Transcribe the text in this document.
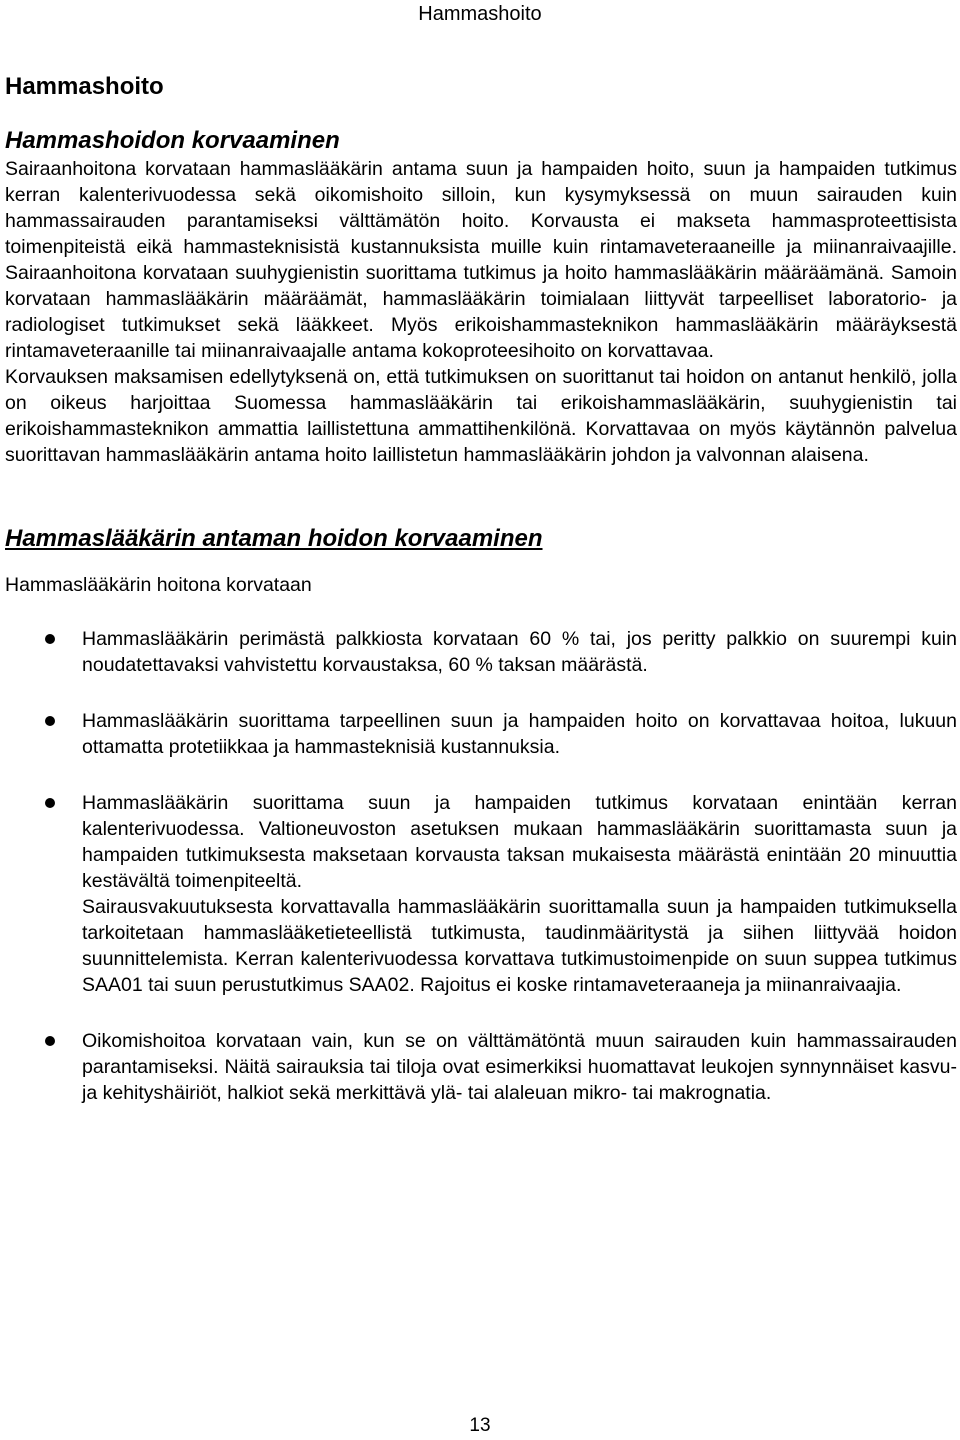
Hammashoito
Hammashoito
Hammashoidon korvaaminen

Sairaanhoitona korvataan hammaslääkärin antama suun ja hampaiden hoito, suun ja hampaiden tutkimus kerran kalenterivuodessa sekä oikomishoito silloin, kun kysymyksessä on muun sairauden kuin hammassairauden parantamiseksi välttämätön hoito. Korvausta ei makseta hammasproteettisista toimenpiteistä eikä hammasteknisistä kustannuksista muille kuin rintamaveteraaneille ja miinanraivaajille. Sairaanhoitona korvataan suuhygienistin suorittama tutkimus ja hoito hammaslääkärin määräämänä. Samoin korvataan hammaslääkärin määräämät, hammaslääkärin toimialaan liittyvät tarpeelliset laboratorio- ja radiologiset tutkimukset sekä lääkkeet. Myös erikoishammasteknikon hammaslääkärin määräyksestä rintamaveteraanille tai miinanraivaajalle antama kokoproteesihoito on korvattavaa.

Korvauksen maksamisen edellytyksenä on, että tutkimuksen on suorittanut tai hoidon on antanut henkilö, jolla on oikeus harjoittaa Suomessa hammaslääkärin tai erikoishammaslääkärin, suuhygienistin tai erikoishammasteknikon ammattia laillistettuna ammattihenkilönä. Korvattavaa on myös käytännön palvelua suorittavan hammaslääkärin antama hoito laillistetun hammaslääkärin johdon ja valvonnan alaisena.

Hammaslääkärin antaman hoidon korvaaminen
Hammaslääkärin hoitona korvataan

Hammaslääkärin perimästä palkkiosta korvataan 60 % tai, jos peritty palkkio on suurempi kuin noudatettavaksi vahvistettu korvaustaksa, 60 % taksan määrästä.

Hammaslääkärin suorittama tarpeellinen suun ja hampaiden hoito on korvattavaa hoitoa, lukuun ottamatta protetiikkaa ja hammasteknisiä kustannuksia.

Hammaslääkärin suorittama suun ja hampaiden tutkimus korvataan enintään kerran kalenterivuodessa. Valtioneuvoston asetuksen mukaan hammaslääkärin suorittamasta suun ja hampaiden tutkimuksesta maksetaan korvausta taksan mukaisesta määrästä enintään 20 minuuttia kestävältä toimenpiteeltä.

Sairausvakuutuksesta korvattavalla hammaslääkärin suorittamalla suun ja hampaiden tutkimuksella tarkoitetaan hammaslääketieteellistä tutkimusta, taudinmääritystä ja siihen liittyvää hoidon suunnittelemista. Kerran kalenterivuodessa korvattava tutkimustoimenpide on suun suppea tutkimus SAA01 tai suun perustutkimus SAA02. Rajoitus ei koske rintamaveteraaneja ja miinanraivaajia.

Oikomishoitoa korvataan vain, kun se on välttämätöntä muun sairauden kuin hammassairauden parantamiseksi. Näitä sairauksia tai tiloja ovat esimerkiksi huomattavat leukojen synnynnäiset kasvu- ja kehityshäiriöt, halkiot sekä merkittävä ylä- tai alaleuan mikro- tai makrognatia.

13
